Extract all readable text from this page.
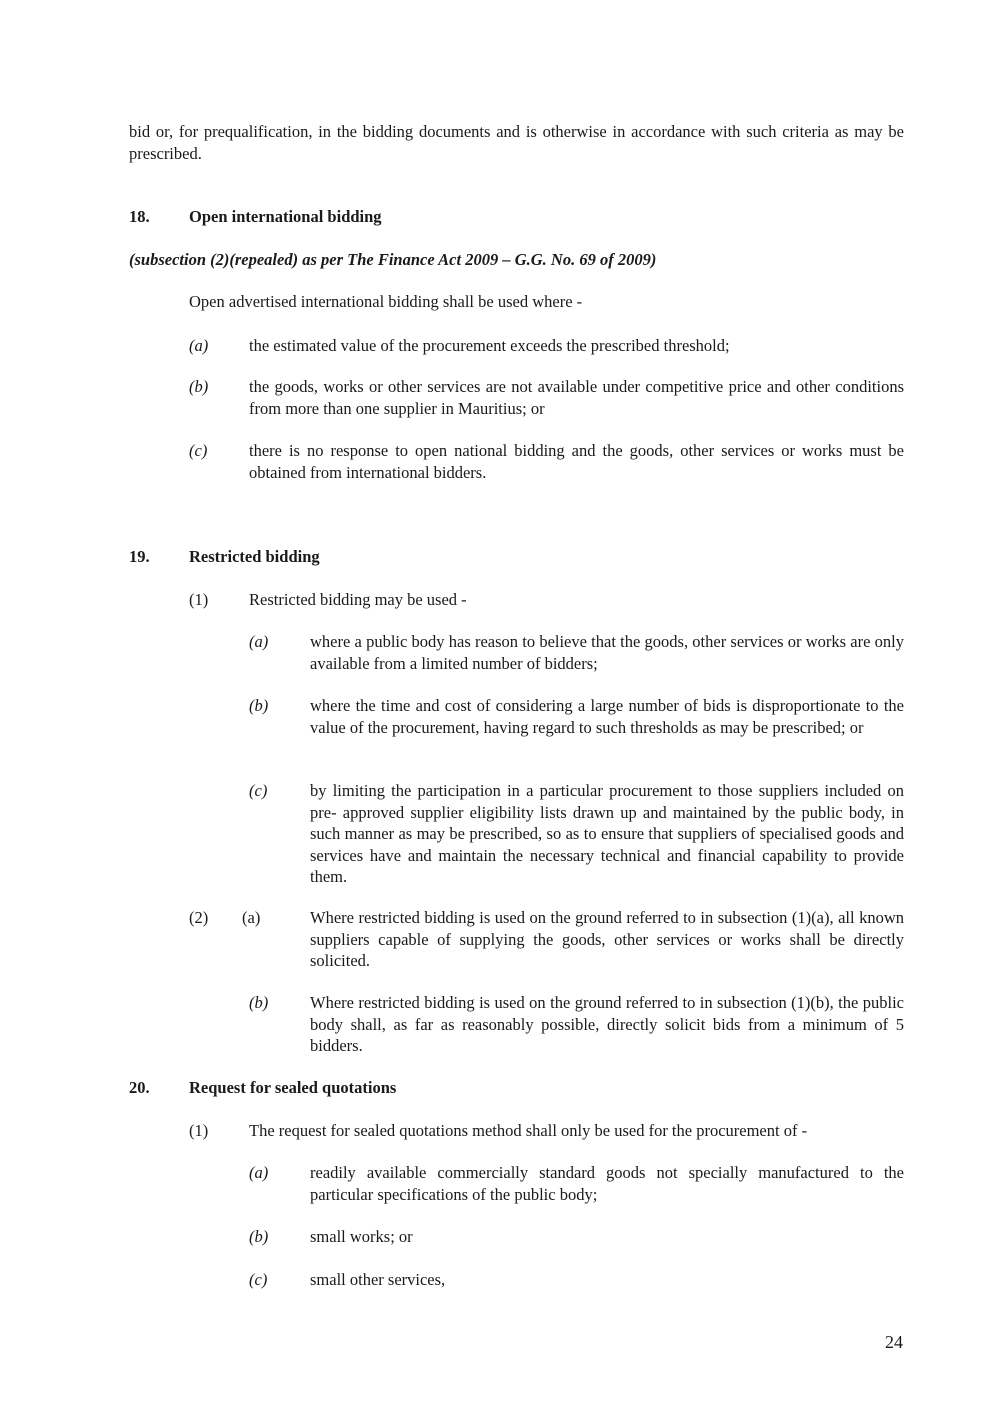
bid or, for prequalification, in the bidding documents and is otherwise in accordance with such criteria as may be prescribed.
18. Open international bidding
(subsection (2)(repealed) as per The Finance Act 2009 – G.G. No. 69 of 2009)
Open advertised international bidding shall be used where -
(a) the estimated value of the procurement exceeds the prescribed threshold;
(b) the goods, works or other services are not available under competitive price and other conditions from more than one supplier in Mauritius; or
(c)	there is no response to open national bidding and the goods, other services or works must be obtained from international bidders.
19. Restricted bidding
(1) Restricted bidding may be used -
(a)	where a public body has reason to believe that the goods, other services or works are only available from a limited number of bidders;
(b)	where the time and cost of considering a large number of bids is disproportionate to the value of the procurement, having regard to such thresholds as may be prescribed; or
(c)	by limiting the participation in a particular procurement to those suppliers included on pre- approved supplier eligibility lists drawn up and maintained by the public body, in such manner as may be prescribed, so as to ensure that suppliers of specialised goods and services have and maintain the necessary technical and financial capability to provide them.
(2) (a)	Where restricted bidding is used on the ground referred to in subsection (1)(a), all known suppliers capable of supplying the goods, other services or works shall be directly solicited.
(b)	Where restricted bidding is used on the ground referred to in subsection (1)(b), the public body shall, as far as reasonably possible, directly solicit bids from a minimum of 5 bidders.
20. Request for sealed quotations
(1) The request for sealed quotations method shall only be used for the procurement of -
(a)	readily available commercially standard goods not specially manufactured to the particular specifications of the public body;
(b)	small works; or
(c)	small other services,
24
